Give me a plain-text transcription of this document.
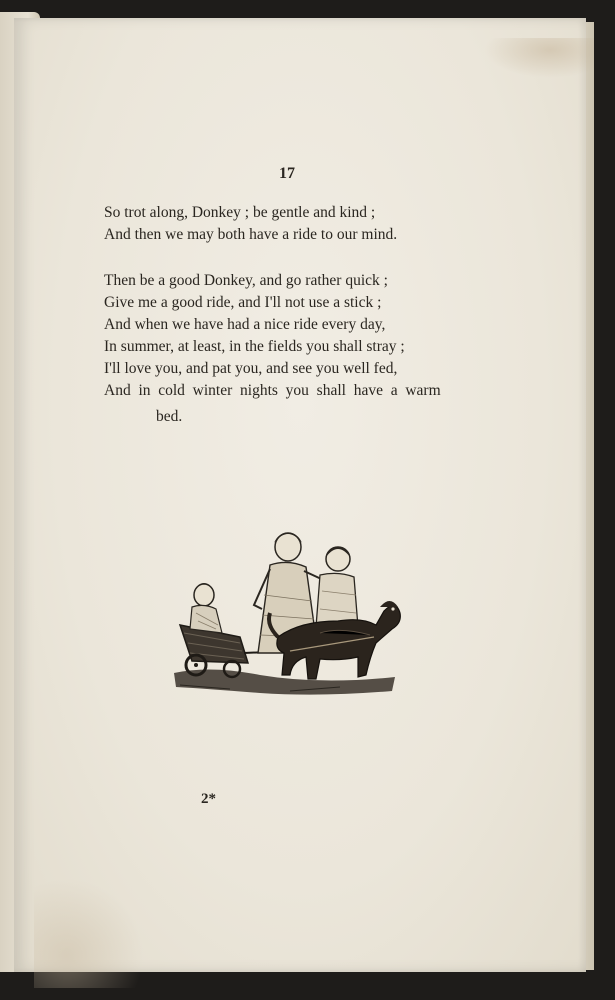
17
So trot along, Donkey ; be gentle and kind ;
And then we may both have a ride to our mind.
Then be a good Donkey, and go rather quick ;
Give me a good ride, and I'll not use a stick ;
And when we have had a nice ride every day,
In summer, at least, in the fields you shall stray ;
I'll love you, and pat you, and see you well fed,
And  in  cold  winter  nights  you  shall  have  a  warm
bed.
2*
